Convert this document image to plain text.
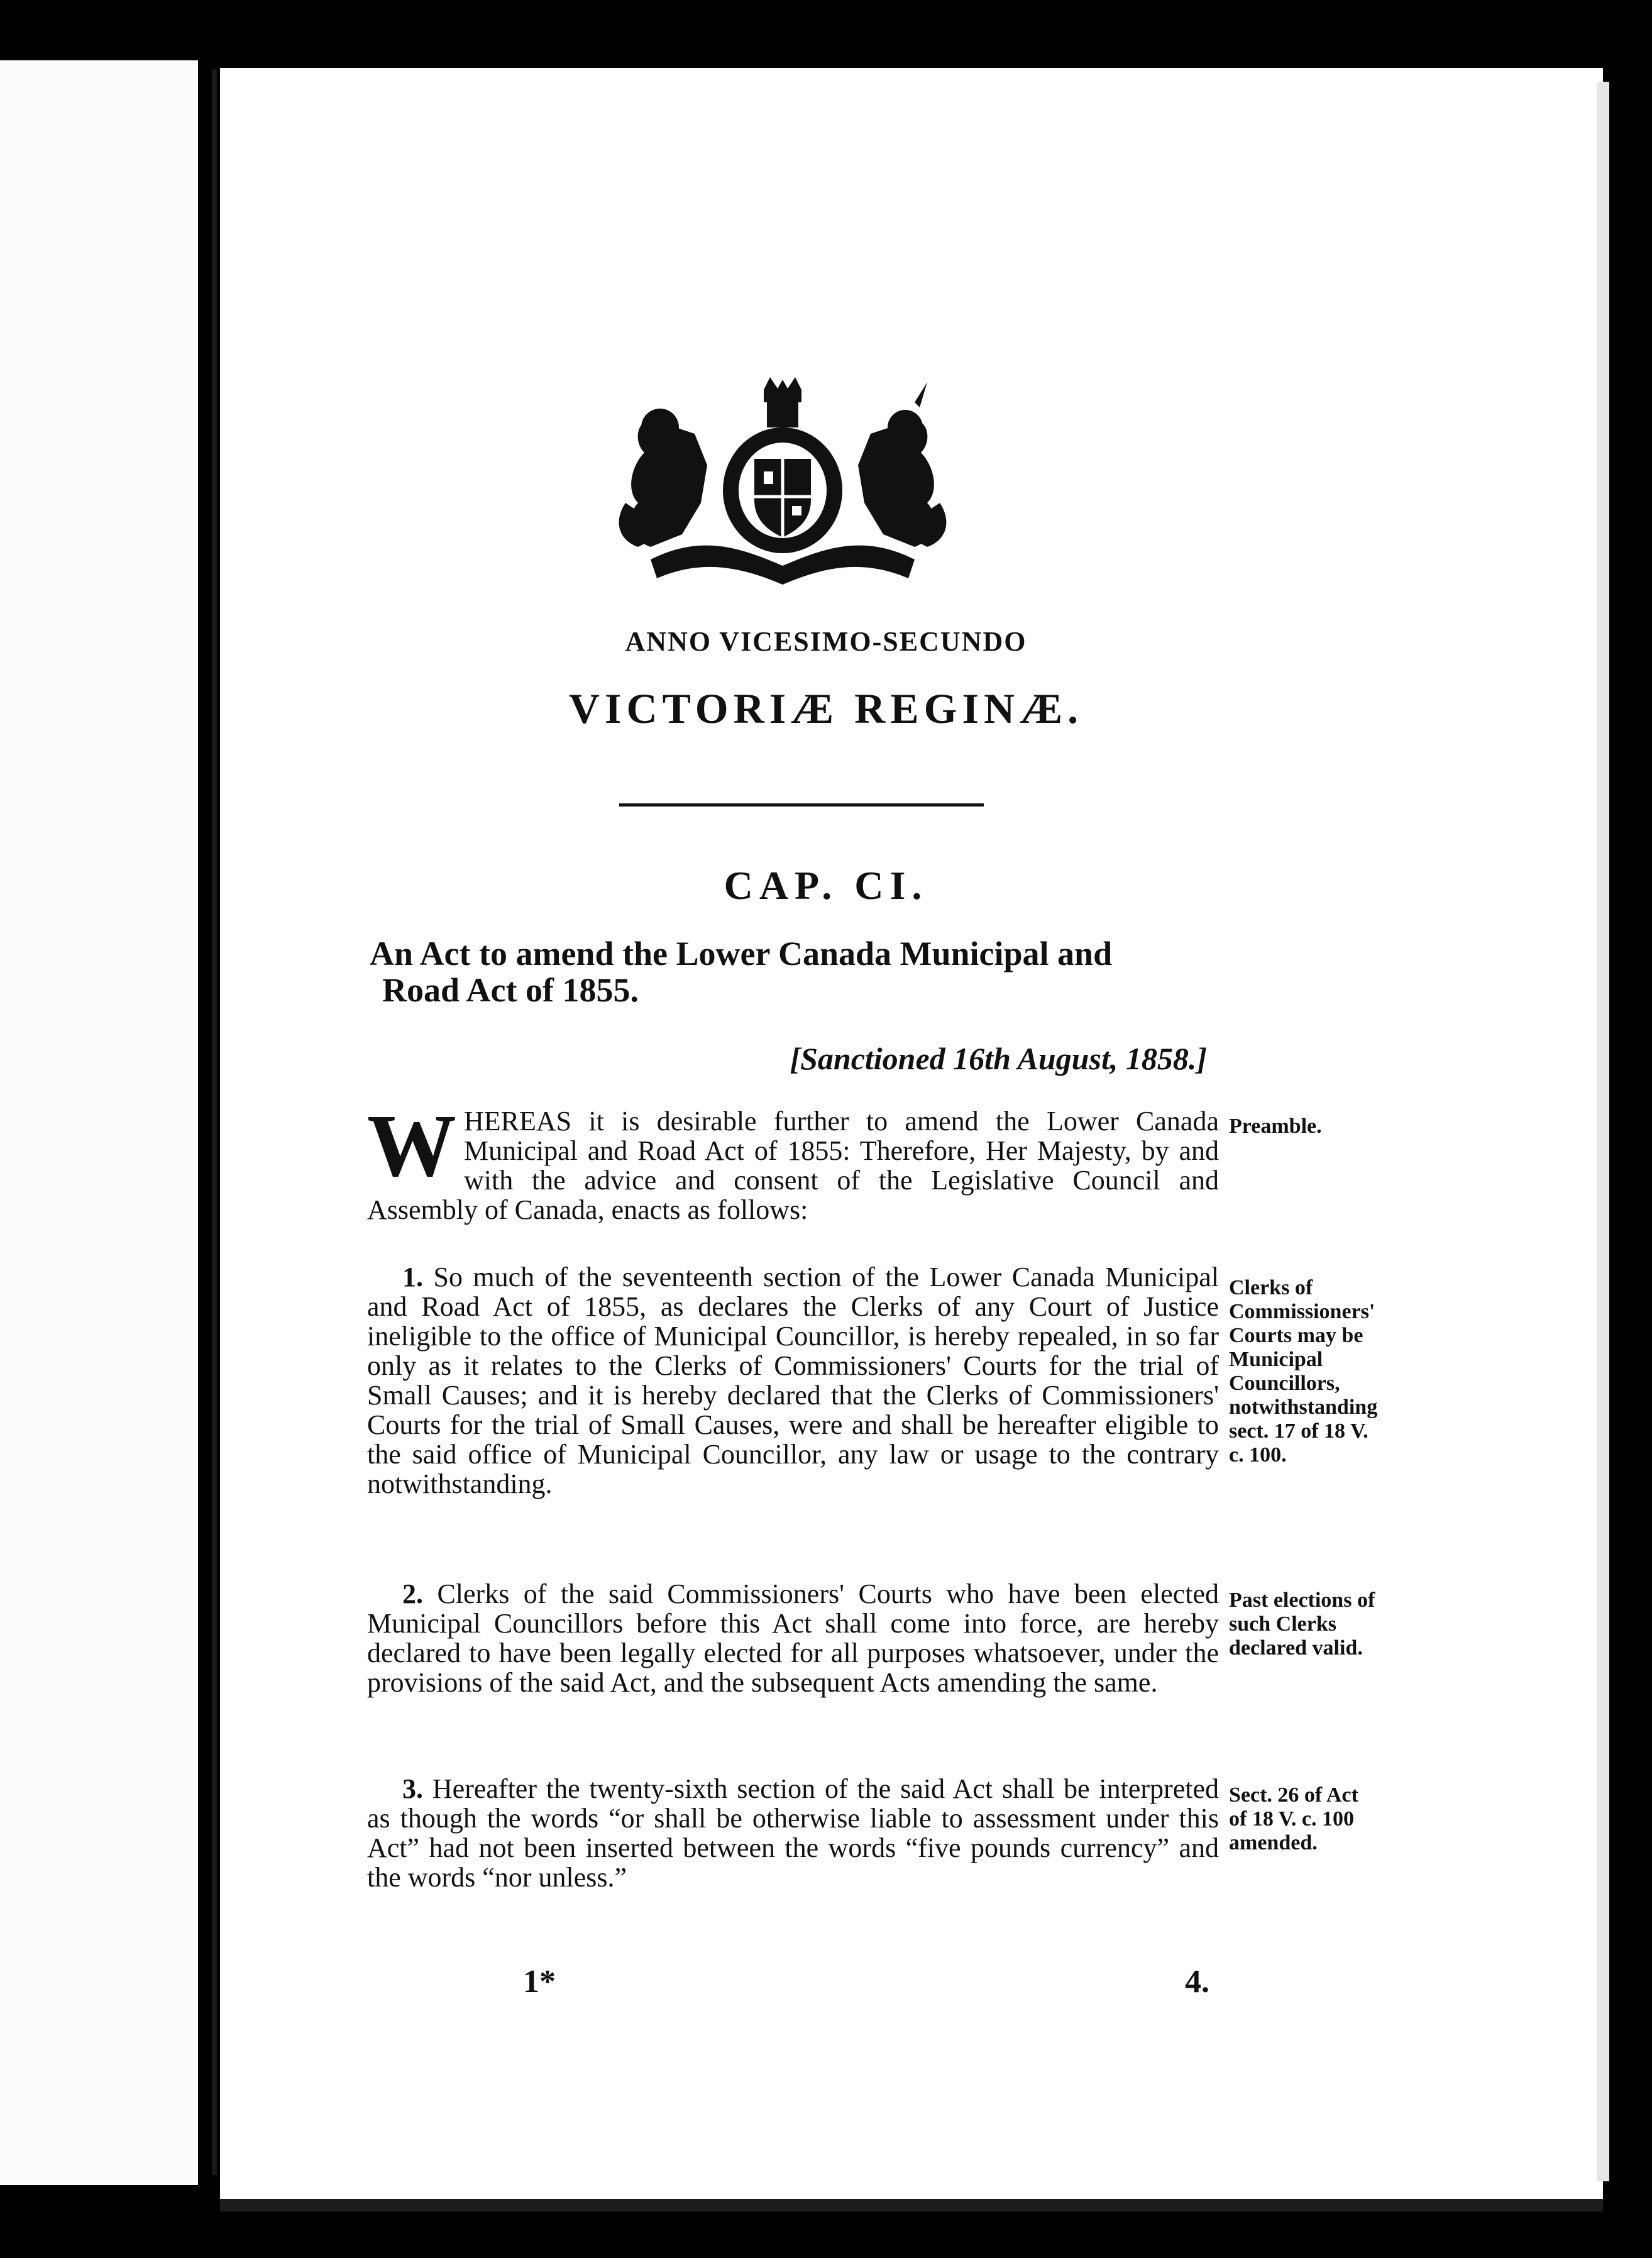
ANNO VICESIMO-SECUNDO
VICTORIÆ REGINÆ.
CAP. CI.
An Act to amend the Lower Canada Municipal and
Road Act of 1855.
[Sanctioned 16th August, 1858.]
WHEREAS it is desirable further to amend the Lower Canada Municipal and Road Act of 1855: Therefore, Her Majesty, by and with the advice and consent of the Legislative Council and Assembly of Canada, enacts as follows:
Preamble.
1. So much of the seventeenth section of the Lower Canada Municipal and Road Act of 1855, as declares the Clerks of any Court of Justice ineligible to the office of Municipal Councillor, is hereby repealed, in so far only as it relates to the Clerks of Commissioners' Courts for the trial of Small Causes; and it is hereby declared that the Clerks of Commissioners' Courts for the trial of Small Causes, were and shall be hereafter eligible to the said office of Municipal Councillor, any law or usage to the contrary notwithstanding.
Clerks of Commissioners' Courts may be Municipal Councillors, notwithstanding sect. 17 of 18 V. c. 100.
2. Clerks of the said Commissioners' Courts who have been elected Municipal Councillors before this Act shall come into force, are hereby declared to have been legally elected for all purposes whatsoever, under the provisions of the said Act, and the subsequent Acts amending the same.
Past elections of such Clerks declared valid.
3. Hereafter the twenty-sixth section of the said Act shall be interpreted as though the words “or shall be otherwise liable to assessment under this Act” had not been inserted between the words “five pounds currency” and the words “nor unless.”
Sect. 26 of Act of 18 V. c. 100 amended.
1*	4.
